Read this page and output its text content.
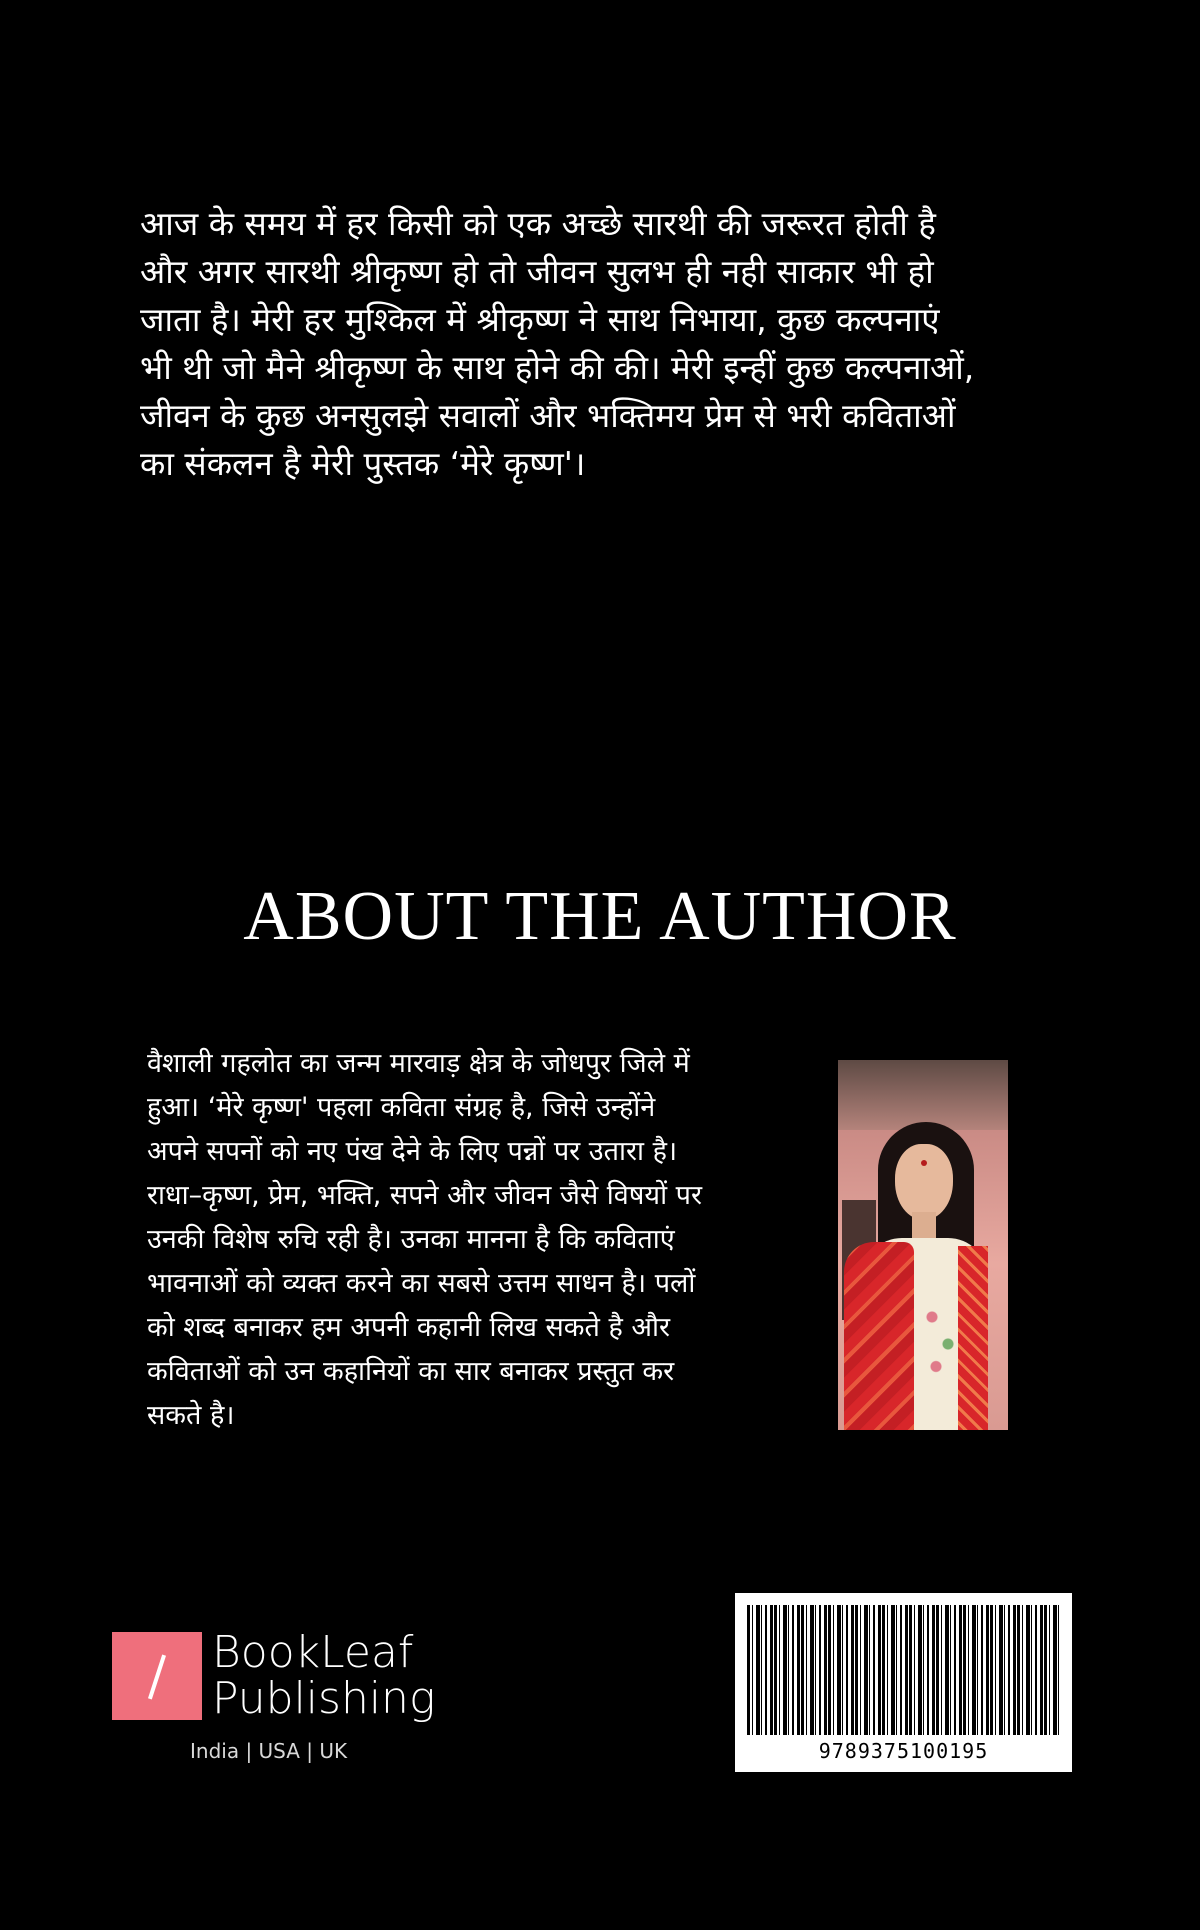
आज के समय में हर किसी को एक अच्छे सारथी की जरूरत होती है और अगर सारथी श्रीकृष्ण हो तो जीवन सुलभ ही नही साकार भी हो जाता है। मेरी हर मुश्किल में श्रीकृष्ण ने साथ निभाया, कुछ कल्पनाएं भी थी जो मैने श्रीकृष्ण के साथ होने की की। मेरी इन्हीं कुछ कल्पनाओं, जीवन के कुछ अनसुलझे सवालों और भक्तिमय प्रेम से भरी कविताओं का संकलन है मेरी पुस्तक ‘मेरे कृष्ण'।

ABOUT THE AUTHOR

वैशाली गहलोत का जन्म मारवाड़ क्षेत्र के जोधपुर जिले में हुआ। ‘मेरे कृष्ण' पहला कविता संग्रह है, जिसे उन्होंने अपने सपनों को नए पंख देने के लिए पन्नों पर उतारा है। राधा–कृष्ण, प्रेम, भक्ति, सपने और जीवन जैसे विषयों पर उनकी विशेष रुचि रही है। उनका मानना है कि कविताएं भावनाओं को व्यक्त करने का सबसे उत्तम साधन है। पलों को शब्द बनाकर हम अपनी कहानी लिख सकते है और कविताओं को उन कहानियों का सार बनाकर प्रस्तुत कर सकते है।

BookLeaf
Publishing
India | USA | UK	9789375100195
